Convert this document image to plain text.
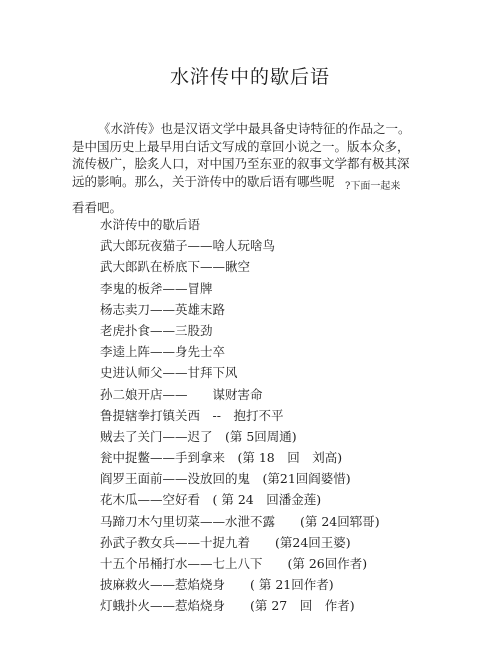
水浒传中的歇后语
《水浒传》也是汉语文学中最具备史诗特征的作品之一。
是中国历史上最早用白话文写成的章回小说之一。版本众多，
流传极广，脍炙人口，对中国乃至东亚的叙事文学都有极其深
远的影响。那么，关于浒传中的歇后语有哪些呢	?下面一起来
看看吧。
水浒传中的歇后语
武大郎玩夜猫子——啥人玩啥鸟
武大郎趴在桥底下——瞅空
李鬼的板斧——冒牌
杨志卖刀——英雄末路
老虎扑食——三股劲
李逵上阵——身先士卒
史进认师父——甘拜下风
孙二娘开店——　　谋财害命
鲁提辖拳打镇关西　--　抱打不平
贼去了关门——迟了　(第 5回周通)
瓮中捉鳖——手到拿来　(第 18　回　刘高)
阎罗王面前——没放回的鬼　(第21回阎婆惜)
花木瓜——空好看　( 第 24　回潘金莲)
马蹄刀木勺里切菜——水泄不露　　(第 24回郓哥)
孙武子教女兵——十捉九着　　(第24回王婆)
十五个吊桶打水——七上八下　　(第 26回作者)
披麻救火——惹焰烧身　　( 第 21回作者)
灯蛾扑火——惹焰烧身　　(第 27　回　作者)
